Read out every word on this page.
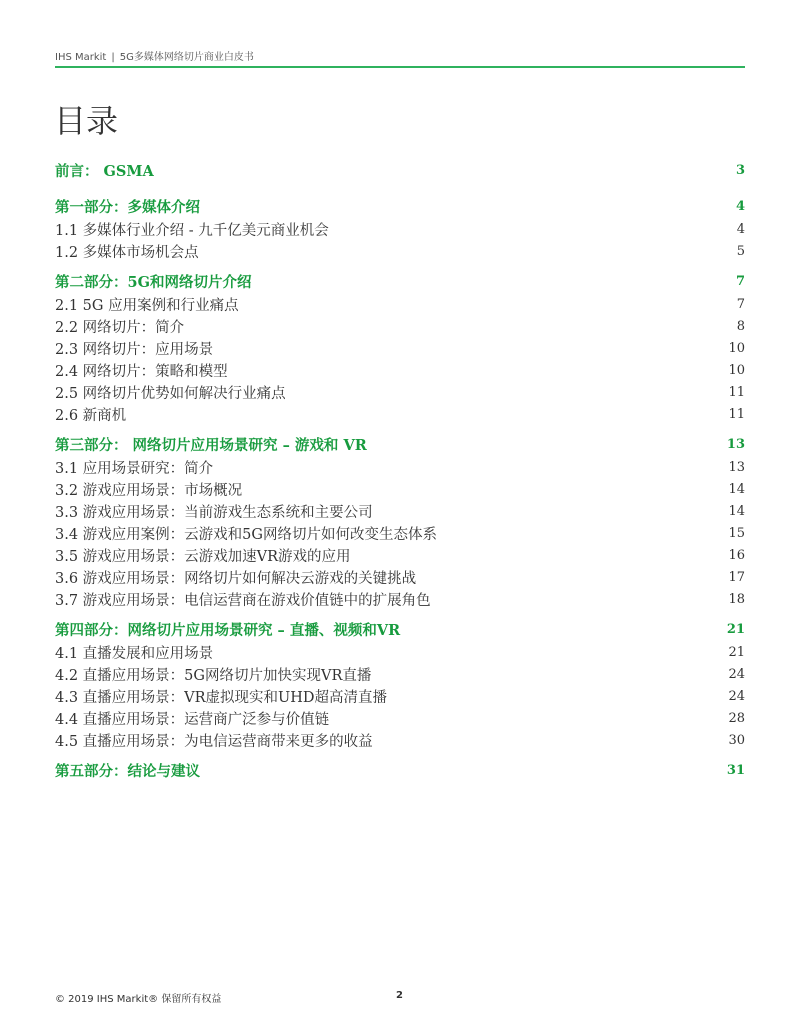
IHS Markit | 5G多媒体网络切片商业白皮书
目录
前言： GSMA	3
第一部分：多媒体介绍	4
1.1 多媒体行业介绍 - 九千亿美元商业机会	4
1.2 多媒体市场机会点	5
第二部分：5G和网络切片介绍	7
2.1 5G 应用案例和行业痛点	7
2.2 网络切片：简介	8
2.3 网络切片：应用场景	10
2.4 网络切片：策略和模型	10
2.5 网络切片优势如何解决行业痛点	11
2.6 新商机	11
第三部分： 网络切片应用场景研究 – 游戏和 VR	13
3.1 应用场景研究：简介	13
3.2 游戏应用场景：市场概况	14
3.3 游戏应用场景：当前游戏生态系统和主要公司	14
3.4 游戏应用案例：云游戏和5G网络切片如何改变生态体系	15
3.5 游戏应用场景：云游戏加速VR游戏的应用	16
3.6 游戏应用场景：网络切片如何解决云游戏的关键挑战	17
3.7 游戏应用场景：电信运营商在游戏价值链中的扩展角色	18
第四部分：网络切片应用场景研究 – 直播、视频和VR	21
4.1 直播发展和应用场景	21
4.2 直播应用场景：5G网络切片加快实现VR直播	24
4.3 直播应用场景：VR虚拟现实和UHD超高清直播	24
4.4 直播应用场景：运营商广泛参与价值链	28
4.5 直播应用场景：为电信运营商带来更多的收益	30
第五部分：结论与建议	31
© 2019 IHS Markit® 保留所有权益	2
